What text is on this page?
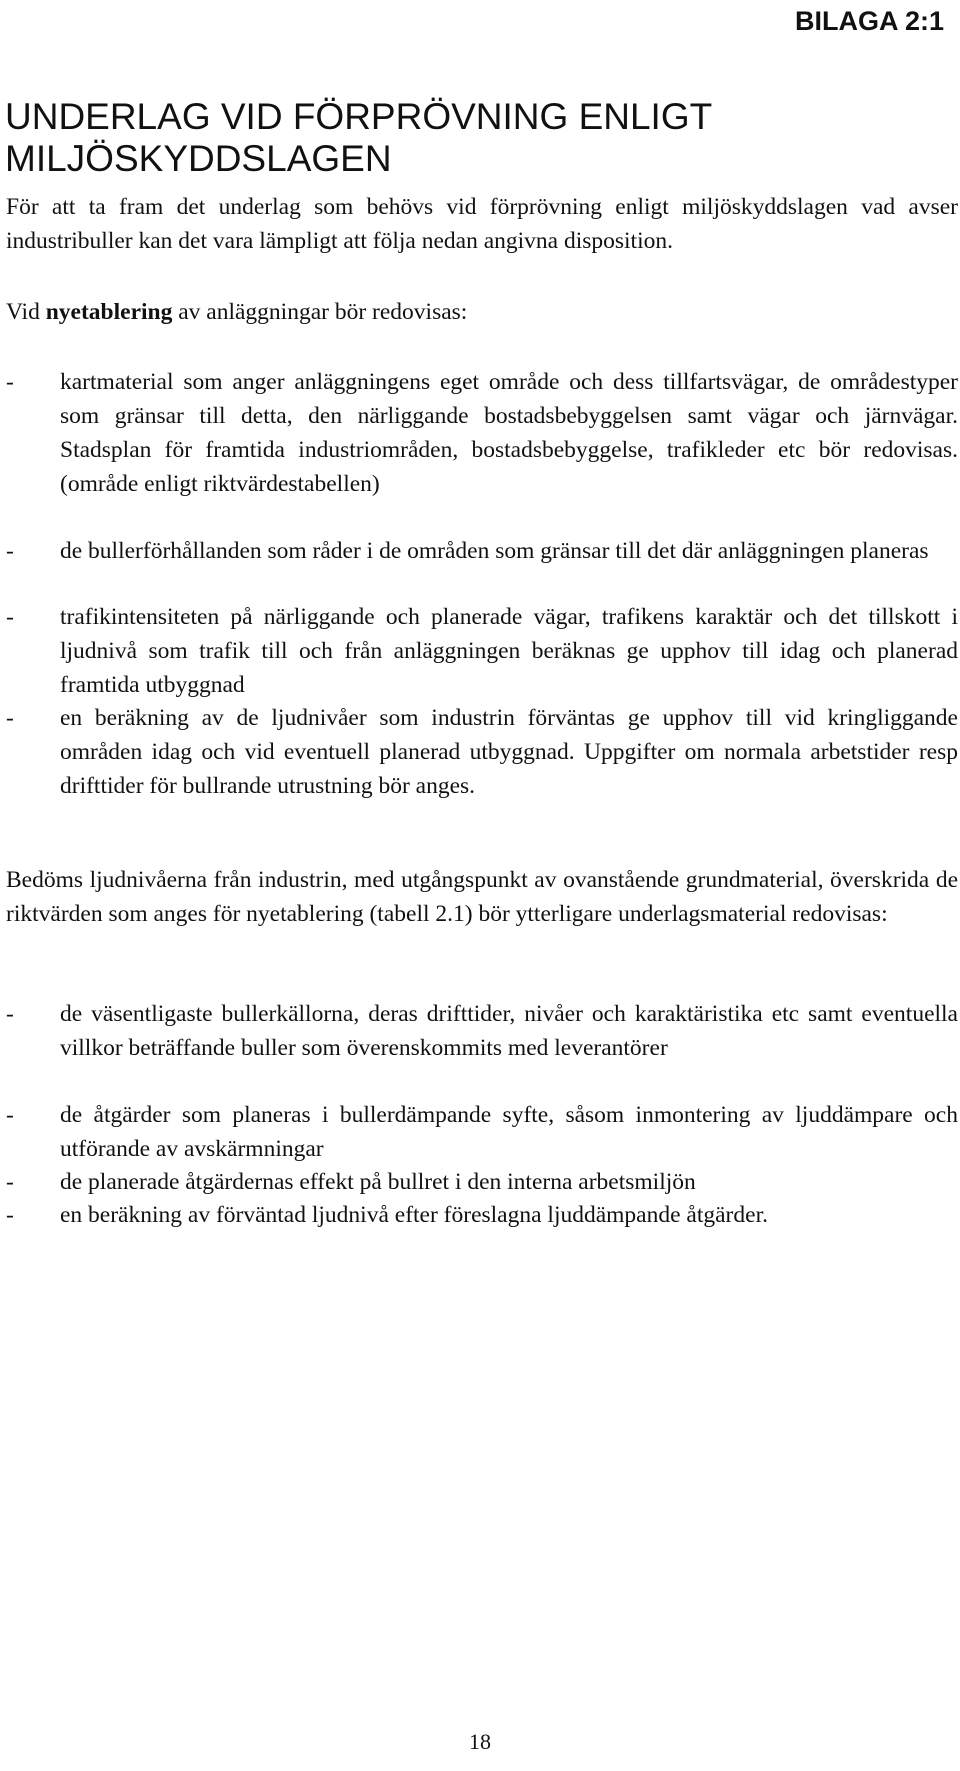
BILAGA 2:1
UNDERLAG VID FÖRPRÖVNING ENLIGT MILJÖSKYDDSLAGEN

För att ta fram det underlag som behövs vid förprövning enligt miljöskyddslagen vad avser industribuller kan det vara lämpligt att följa nedan angivna disposition.

Vid nyetablering av anläggningar bör redovisas:

- kartmaterial som anger anläggningens eget område och dess tillfartsvägar, de områdestyper som gränsar till detta, den närliggande bostadsbebyggelsen samt vägar och järnvägar. Stadsplan för framtida industriområden, bostadsbebyggelse, trafikleder etc bör redovisas. (område enligt riktvärdestabellen)
- de bullerförhållanden som råder i de områden som gränsar till det där anläggningen planeras
- trafikintensiteten på närliggande och planerade vägar, trafikens karaktär och det tillskott i ljudnivå som trafik till och från anläggningen beräknas ge upphov till idag och planerad framtida utbyggnad
- en beräkning av de ljudnivåer som industrin förväntas ge upphov till vid kringliggande områden idag och vid eventuell planerad utbyggnad. Uppgifter om normala arbetstider resp drifttider för bullrande utrustning bör anges.

Bedöms ljudnivåerna från industrin, med utgångspunkt av ovanstående grundmaterial, överskrida de riktvärden som anges för nyetablering (tabell 2.1) bör ytterligare underlagsmaterial redovisas:

- de väsentligaste bullerkällorna, deras drifttider, nivåer och karaktäristika etc samt eventuella villkor beträffande buller som överenskommits med leverantörer
- de åtgärder som planeras i bullerdämpande syfte, såsom inmontering av ljuddämpare och utförande av avskärmningar
- de planerade åtgärdernas effekt på bullret i den interna arbetsmiljön
- en beräkning av förväntad ljudnivå efter föreslagna ljuddämpande åtgärder.
18
